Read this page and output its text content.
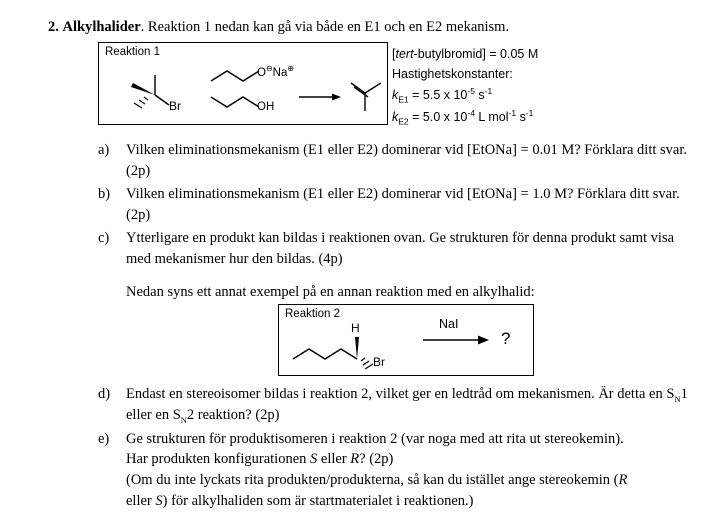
2. Alkylhalider. Reaktion 1 nedan kan gå via både en E1 och en E2 mekanism.
Reaktion 1
Br
O⊖Na⊕
OH
[tert-butylbromid] = 0.05 M
Hastighetskonstanter:
$k_{E1} = 5.5$ x $10^{-5}$ $s^{-1}$
$k_{E2} = 5.0$ x $10^{-4}$ L mol$^{-1}$ $s^{-1}$
a)	Vilken eliminationsmekanism (E1 eller E2) dominerar vid [EtONa] = 0.01 M? Förklara ditt svar. (2p)
b)	Vilken eliminationsmekanism (E1 eller E2) dominerar vid [EtONa] = 1.0 M? Förklara ditt svar. (2p)
c)	Ytterligare en produkt kan bildas i reaktionen ovan. Ge strukturen för denna produkt samt visa med mekanismer hur den bildas. (4p)
Nedan syns ett annat exempel på en annan reaktion med en alkylhalid:
Reaktion 2
H
Br
NaI
?
d)	Endast en stereoisomer bildas i reaktion 2, vilket ger en ledtråd om mekanismen. Är detta en $S_N1$ eller en $S_N2$ reaktion? (2p)
e)	Ge strukturen för produktisomeren i reaktion 2 (var noga med att rita ut stereokemin).
Har produkten konfigurationen S eller R? (2p)
(Om du inte lyckats rita produkten/produkterna, så kan du istället ange stereokemin (R
eller S) för alkylhaliden som är startmaterialet i reaktionen.)
